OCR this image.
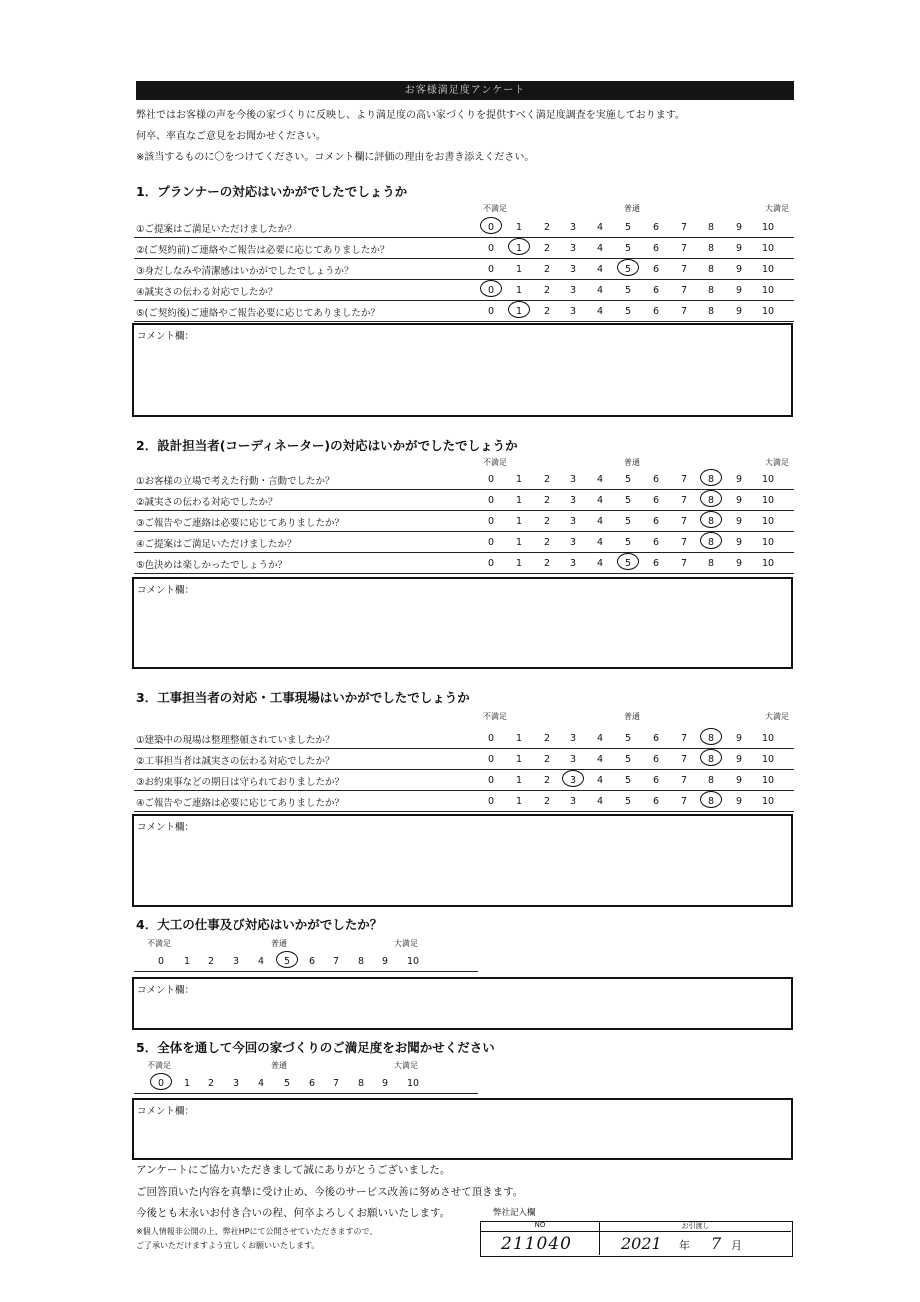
お客様満足度アンケート
弊社ではお客様の声を今後の家づくりに反映し、より満足度の高い家づくりを提供すべく満足度調査を実施しております。
何卒、率直なご意見をお聞かせください。
※該当するものに〇をつけてください。コメント欄に評価の理由をお書き添えください。
1．プランナーの対応はいかがでしたでしょうか
不満足	普通	大満足
①ご提案はご満足いただけましたか？	0	1	2	3	4	5	6	7	8	9	10
②(ご契約前)ご連絡やご報告は必要に応じてありましたか？	0	1	2	3	4	5	6	7	8	9	10
③身だしなみや清潔感はいかがでしたでしょうか？	0	1	2	3	4	5	6	7	8	9	10
④誠実さの伝わる対応でしたか？	0	1	2	3	4	5	6	7	8	9	10
⑤(ご契約後)ご連絡やご報告必要に応じてありましたか？	0	1	2	3	4	5	6	7	8	9	10
コメント欄：
2．設計担当者(コーディネーター)の対応はいかがでしたでしょうか
不満足	普通	大満足
①お客様の立場で考えた行動・言動でしたか？	0	1	2	3	4	5	6	7	8	9	10
②誠実さの伝わる対応でしたか？	0	1	2	3	4	5	6	7	8	9	10
③ご報告やご連絡は必要に応じてありましたか？	0	1	2	3	4	5	6	7	8	9	10
④ご提案はご満足いただけましたか？	0	1	2	3	4	5	6	7	8	9	10
⑤色決めは楽しかったでしょうか？	0	1	2	3	4	5	6	7	8	9	10
コメント欄：
3．工事担当者の対応・工事現場はいかがでしたでしょうか
不満足	普通	大満足
①建築中の現場は整理整頓されていましたか？	0	1	2	3	4	5	6	7	8	9	10
②工事担当者は誠実さの伝わる対応でしたか？	0	1	2	3	4	5	6	7	8	9	10
③お約束事などの期日は守られておりましたか？	0	1	2	3	4	5	6	7	8	9	10
④ご報告やご連絡は必要に応じてありましたか？	0	1	2	3	4	5	6	7	8	9	10
コメント欄：
4．大工の仕事及び対応はいかがでしたか？
不満足	普通	大満足
0	1	2	3	4	5	6	7	8	9	10
コメント欄：
5．全体を通して今回の家づくりのご満足度をお聞かせください
不満足	普通	大満足
0	1	2	3	4	5	6	7	8	9	10
コメント欄：
アンケートにご協力いただきまして誠にありがとうございました。
ご回答頂いた内容を真摯に受け止め、今後のサービス改善に努めさせて頂きます。
今後とも末永いお付き合いの程、何卒よろしくお願いいたします。
※個人情報非公開の上、弊社HPにて公開させていただきますので、
ご了承いただけますよう宜しくお願いいたします。
弊社記入欄
NO	お引渡し
211040	2021 年 7 月
